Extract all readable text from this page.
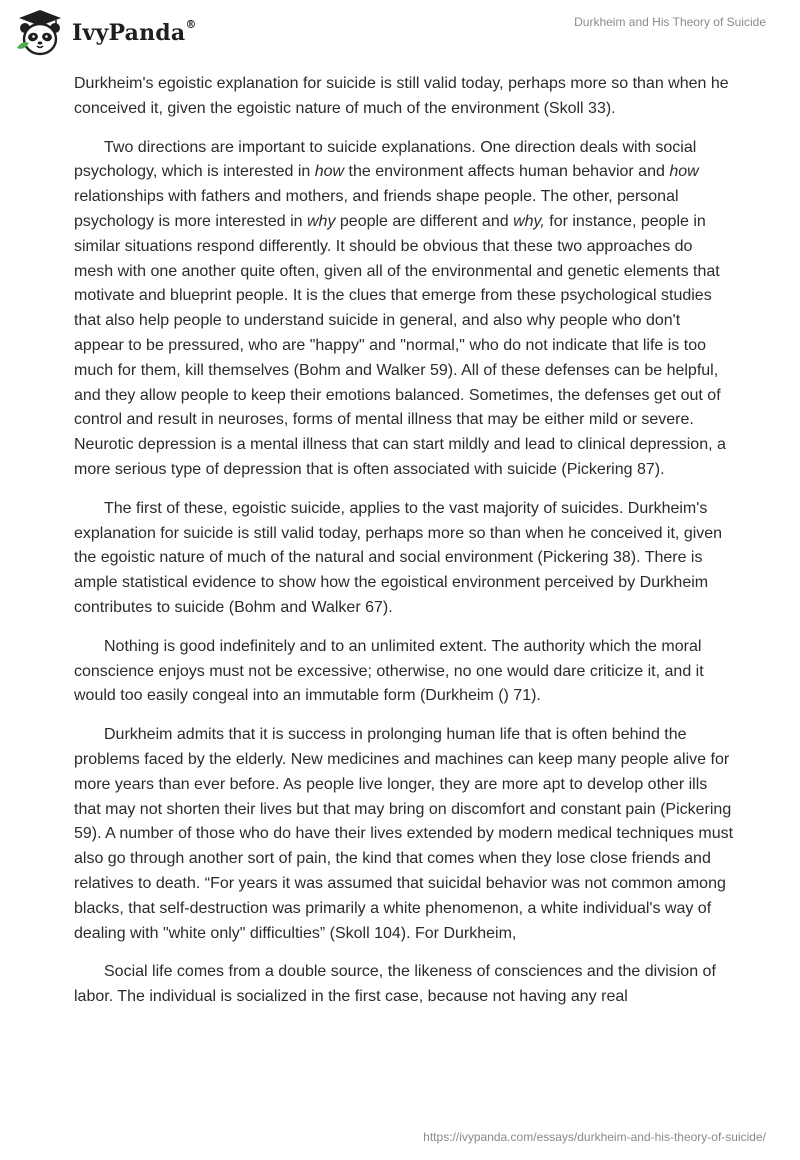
IvyPanda®	Durkheim and His Theory of Suicide

Durkheim's egoistic explanation for suicide is still valid today, perhaps more so than when he conceived it, given the egoistic nature of much of the environment (Skoll 33).

Two directions are important to suicide explanations. One direction deals with social psychology, which is interested in how the environment affects human behavior and how relationships with fathers and mothers, and friends shape people. The other, personal psychology is more interested in why people are different and why, for instance, people in similar situations respond differently. It should be obvious that these two approaches do mesh with one another quite often, given all of the environmental and genetic elements that motivate and blueprint people. It is the clues that emerge from these psychological studies that also help people to understand suicide in general, and also why people who don't appear to be pressured, who are "happy" and "normal," who do not indicate that life is too much for them, kill themselves (Bohm and Walker 59). All of these defenses can be helpful, and they allow people to keep their emotions balanced. Sometimes, the defenses get out of control and result in neuroses, forms of mental illness that may be either mild or severe. Neurotic depression is a mental illness that can start mildly and lead to clinical depression, a more serious type of depression that is often associated with suicide (Pickering 87).

The first of these, egoistic suicide, applies to the vast majority of suicides. Durkheim's explanation for suicide is still valid today, perhaps more so than when he conceived it, given the egoistic nature of much of the natural and social environment (Pickering 38). There is ample statistical evidence to show how the egoistical environment perceived by Durkheim contributes to suicide (Bohm and Walker 67).

Nothing is good indefinitely and to an unlimited extent. The authority which the moral conscience enjoys must not be excessive; otherwise, no one would dare criticize it, and it would too easily congeal into an immutable form (Durkheim () 71).

Durkheim admits that it is success in prolonging human life that is often behind the problems faced by the elderly. New medicines and machines can keep many people alive for more years than ever before. As people live longer, they are more apt to develop other ills that may not shorten their lives but that may bring on discomfort and constant pain (Pickering 59). A number of those who do have their lives extended by modern medical techniques must also go through another sort of pain, the kind that comes when they lose close friends and relatives to death. “For years it was assumed that suicidal behavior was not common among blacks, that self-destruction was primarily a white phenomenon, a white individual's way of dealing with "white only" difficulties” (Skoll 104). For Durkheim,

Social life comes from a double source, the likeness of consciences and the division of labor. The individual is socialized in the first case, because not having any real

https://ivypanda.com/essays/durkheim-and-his-theory-of-suicide/
